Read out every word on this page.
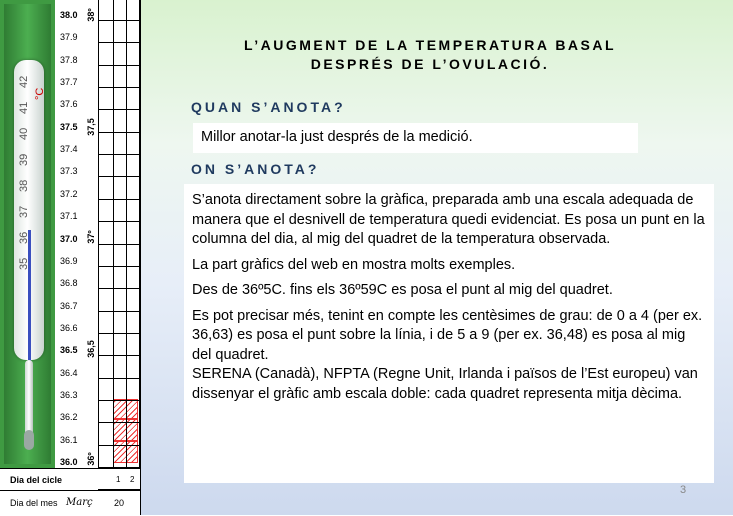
35
36
37
38
39
40
41
42
°C
38.0
37.9
37.8
37.7
37.6
37.5
37.4
37.3
37.2
37.1
37.0
36.9
36.8
36.7
36.6
36.5
36.4
36.3
36.2
36.1
36.0
38º
37,5
37º
36,5
36º
Dia del cicle	1 2
Dia del mes Març 20
L’AUGMENT DE LA TEMPERATURA BASAL
DESPRÉS DE L’OVULACIÓ.
QUAN S’ANOTA?
Millor anotar-la just després de la medició.
ON S’ANOTA?

S’anota directament sobre la gràfica, preparada amb una escala adequada de manera que el desnivell de temperatura quedi evidenciat. Es posa un punt en la columna del dia, al mig del quadret de la temperatura observada.

La part gràfics del web en mostra molts exemples.

Des de 36º5C. fins els 36º59C es posa el punt al mig del quadret.

Es pot precisar més, tenint en compte les centèsimes de grau: de 0 a 4 (per ex. 36,63) es posa el punt sobre la línia, i de 5 a 9 (per ex. 36,48) es posa al mig del quadret.

SERENA (Canadà), NFPTA (Regne Unit, Irlanda i països de l’Est europeu) van dissenyar el gràfic amb escala doble: cada quadret representa mitja dècima.

3
